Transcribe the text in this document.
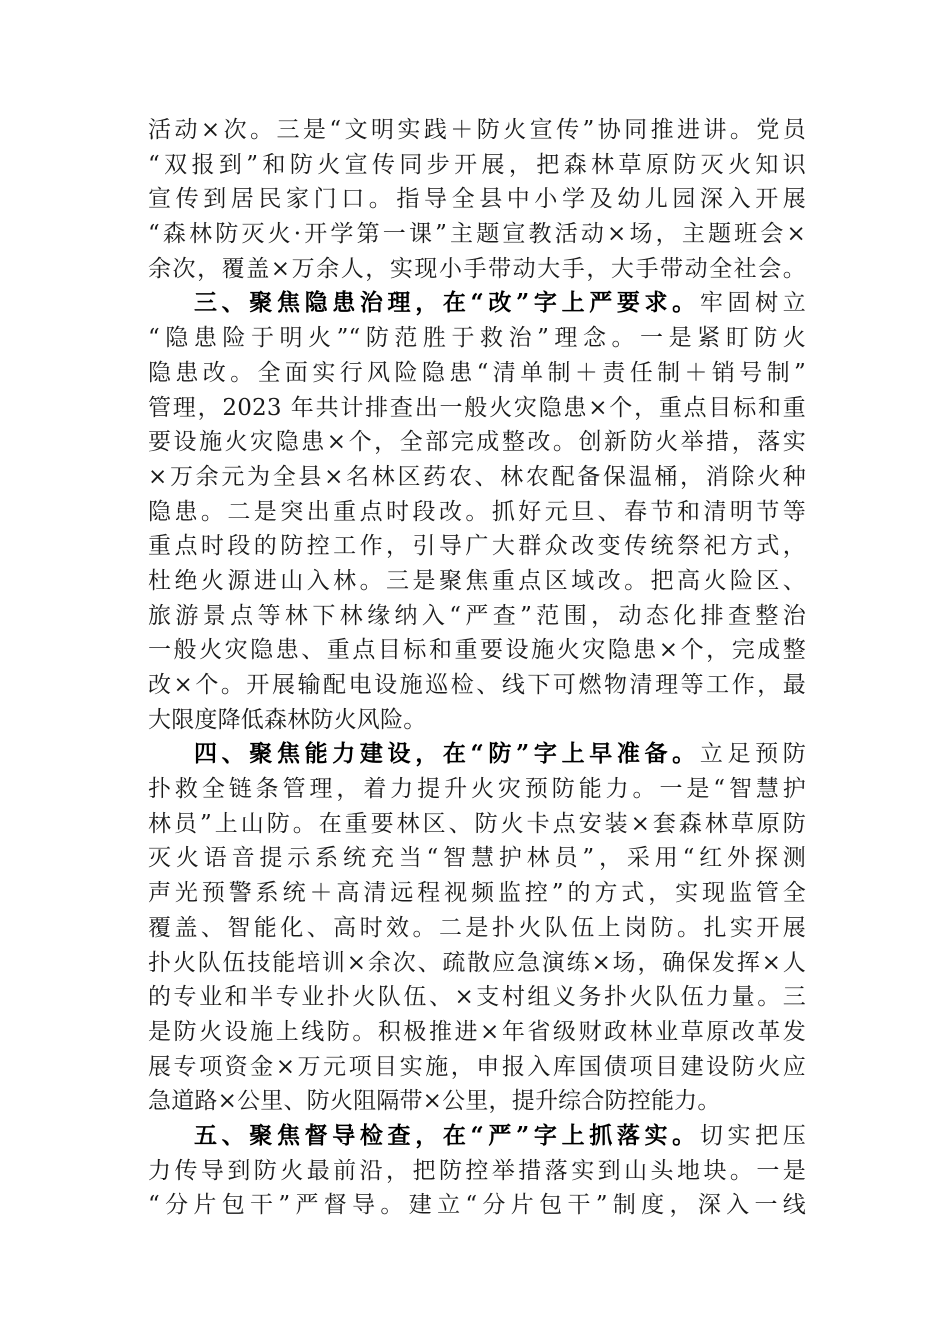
活动×次。三是“文明实践＋防火宣传”协同推进讲。党员
“双报到”和防火宣传同步开展，把森林草原防灭火知识
宣传到居民家门口。指导全县中小学及幼儿园深入开展
“森林防灭火·开学第一课”主题宣教活动×场，主题班会×
余次，覆盖×万余人，实现小手带动大手，大手带动全社会。
三、聚焦隐患治理，在“改”字上严要求。牢固树立
“隐患险于明火”“防范胜于救治”理念。一是紧盯防火
隐患改。全面实行风险隐患“清单制＋责任制＋销号制”
管理，2023 年共计排查出一般火灾隐患×个，重点目标和重
要设施火灾隐患×个，全部完成整改。创新防火举措，落实
×万余元为全县×名林区药农、林农配备保温桶，消除火种
隐患。二是突出重点时段改。抓好元旦、春节和清明节等
重点时段的防控工作，引导广大群众改变传统祭祀方式，
杜绝火源进山入林。三是聚焦重点区域改。把高火险区、
旅游景点等林下林缘纳入“严查”范围，动态化排查整治
一般火灾隐患、重点目标和重要设施火灾隐患×个，完成整
改×个。开展输配电设施巡检、线下可燃物清理等工作，最
大限度降低森林防火风险。
四、聚焦能力建设，在“防”字上早准备。立足预防
扑救全链条管理，着力提升火灾预防能力。一是“智慧护
林员”上山防。在重要林区、防火卡点安装×套森林草原防
灭火语音提示系统充当“智慧护林员”，采用“红外探测
声光预警系统＋高清远程视频监控”的方式，实现监管全
覆盖、智能化、高时效。二是扑火队伍上岗防。扎实开展
扑火队伍技能培训×余次、疏散应急演练×场，确保发挥×人
的专业和半专业扑火队伍、×支村组义务扑火队伍力量。三
是防火设施上线防。积极推进×年省级财政林业草原改革发
展专项资金×万元项目实施，申报入库国债项目建设防火应
急道路×公里、防火阻隔带×公里，提升综合防控能力。
五、聚焦督导检查，在“严”字上抓落实。切实把压
力传导到防火最前沿，把防控举措落实到山头地块。一是
“分片包干”严督导。建立“分片包干”制度，深入一线
